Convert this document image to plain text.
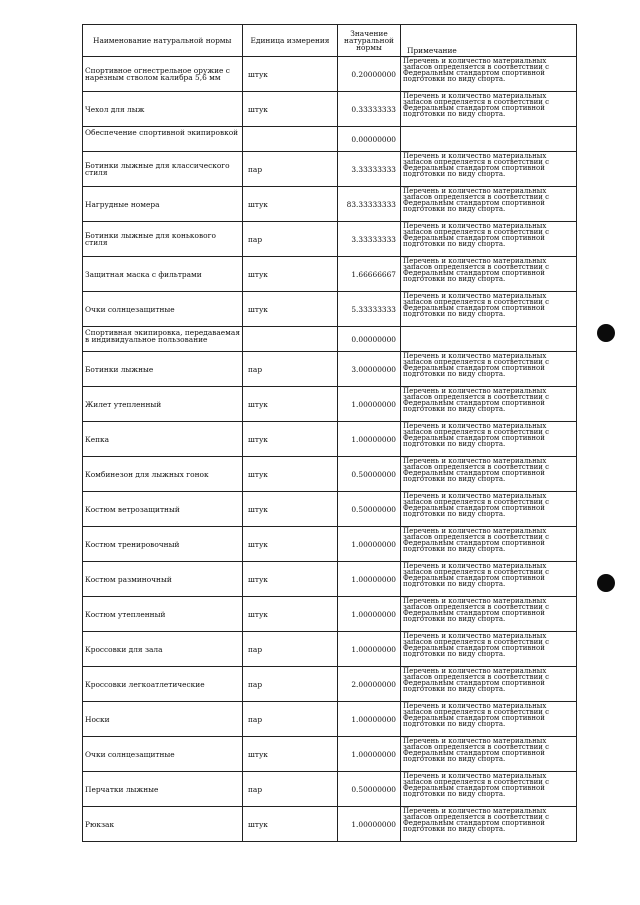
Наименование натуральной нормы	Единица измерения	Значение натуральной нормы	Примечание
Спортивное огнестрельное оружие с нарезным стволом калибра 5,6 мм	штук	0.20000000	Перечень и количество материальных запасов определяется в соответствии с Федеральным стандартом спортивной подготовки по виду спорта.
Чехол для лыж	штук	0.33333333	Перечень и количество материальных запасов определяется в соответствии с Федеральным стандартом спортивной подготовки по виду спорта.
Обеспечение спортивной экипировкой		0.00000000	
Ботинки лыжные для классического стиля	пар	3.33333333	Перечень и количество материальных запасов определяется в соответствии с Федеральным стандартом спортивной подготовки по виду спорта.
Нагрудные номера	штук	83.33333333	Перечень и количество материальных запасов определяется в соответствии с Федеральным стандартом спортивной подготовки по виду спорта.
Ботинки лыжные для конькового стиля	пар	3.33333333	Перечень и количество материальных запасов определяется в соответствии с Федеральным стандартом спортивной подготовки по виду спорта.
Защитная маска с фильтрами	штук	1.66666667	Перечень и количество материальных запасов определяется в соответствии с Федеральным стандартом спортивной подготовки по виду спорта.
Очки солнцезащитные	штук	5.33333333	Перечень и количество материальных запасов определяется в соответствии с Федеральным стандартом спортивной подготовки по виду спорта.
Спортивная экипировка, передаваемая в индивидуальное пользование		0.00000000	
Ботинки лыжные	пар	3.00000000	Перечень и количество материальных запасов определяется в соответствии с Федеральным стандартом спортивной подготовки по виду спорта.
Жилет утепленный	штук	1.00000000	Перечень и количество материальных запасов определяется в соответствии с Федеральным стандартом спортивной подготовки по виду спорта.
Кепка	штук	1.00000000	Перечень и количество материальных запасов определяется в соответствии с Федеральным стандартом спортивной подготовки по виду спорта.
Комбинезон для лыжных гонок	штук	0.50000000	Перечень и количество материальных запасов определяется в соответствии с Федеральным стандартом спортивной подготовки по виду спорта.
Костюм ветрозащитный	штук	0.50000000	Перечень и количество материальных запасов определяется в соответствии с Федеральным стандартом спортивной подготовки по виду спорта.
Костюм тренировочный	штук	1.00000000	Перечень и количество материальных запасов определяется в соответствии с Федеральным стандартом спортивной подготовки по виду спорта.
Костюм разминочный	штук	1.00000000	Перечень и количество материальных запасов определяется в соответствии с Федеральным стандартом спортивной подготовки по виду спорта.
Костюм утепленный	штук	1.00000000	Перечень и количество материальных запасов определяется в соответствии с Федеральным стандартом спортивной подготовки по виду спорта.
Кроссовки для зала	пар	1.00000000	Перечень и количество материальных запасов определяется в соответствии с Федеральным стандартом спортивной подготовки по виду спорта.
Кроссовки легкоатлетические	пар	2.00000000	Перечень и количество материальных запасов определяется в соответствии с Федеральным стандартом спортивной подготовки по виду спорта.
Носки	пар	1.00000000	Перечень и количество материальных запасов определяется в соответствии с Федеральным стандартом спортивной подготовки по виду спорта.
Очки солнцезащитные	штук	1.00000000	Перечень и количество материальных запасов определяется в соответствии с Федеральным стандартом спортивной подготовки по виду спорта.
Перчатки лыжные	пар	0.50000000	Перечень и количество материальных запасов определяется в соответствии с Федеральным стандартом спортивной подготовки по виду спорта.
Рюкзак	штук	1.00000000	Перечень и количество материальных запасов определяется в соответствии с Федеральным стандартом спортивной подготовки по виду спорта.
